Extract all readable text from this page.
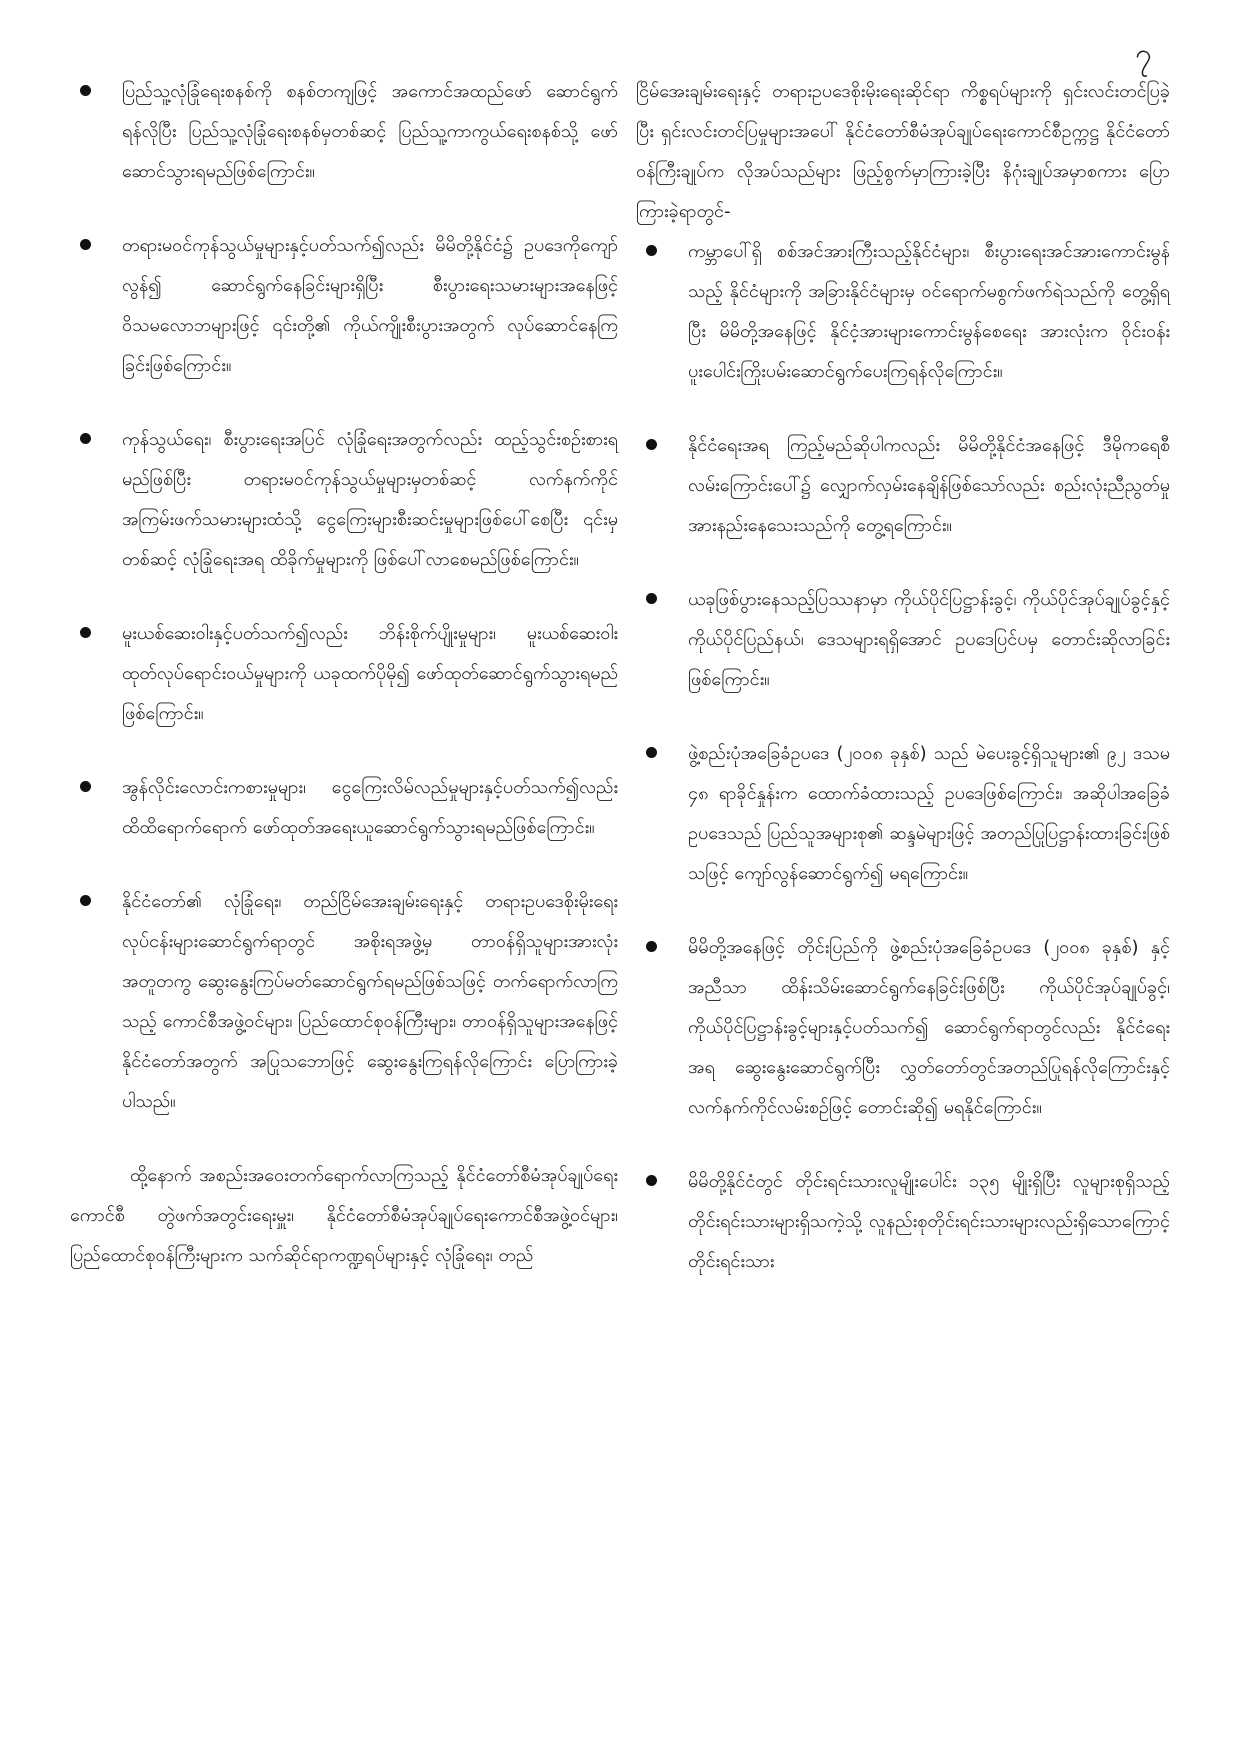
၇

ပြည်သူ့လုံခြုံရေးစနစ်ကို စနစ်တကျဖြင့် အကောင်အထည်ဖော် ဆောင်ရွက်ရန်လိုပြီး ပြည်သူ့လုံခြုံရေးစနစ်မှတစ်ဆင့် ပြည်သူ့ကာကွယ်ရေးစနစ်သို့ ဖော်ဆောင်သွားရမည်ဖြစ်ကြောင်း။

တရားမဝင်ကုန်သွယ်မှုများနှင့်ပတ်သက်၍လည်း မိမိတို့နိုင်ငံ၌ ဥပဒေကိုကျော်လွန်၍ ဆောင်ရွက်နေခြင်းများရှိပြီး စီးပွားရေးသမားများအနေဖြင့် ဝိသမလောဘများဖြင့် ၎င်းတို့၏ ကိုယ်ကျိုးစီးပွားအတွက် လုပ်ဆောင်နေကြခြင်းဖြစ်ကြောင်း။

ကုန်သွယ်ရေး၊ စီးပွားရေးအပြင် လုံခြုံရေးအတွက်လည်း ထည့်သွင်းစဉ်းစားရမည်ဖြစ်ပြီး တရားမဝင်ကုန်သွယ်မှုများမှတစ်ဆင့် လက်နက်ကိုင်အကြမ်းဖက်သမားများထံသို့ ငွေကြေးများစီးဆင်းမှုများဖြစ်ပေါ်စေပြီး ၎င်းမှတစ်ဆင့် လုံခြုံရေးအရ ထိခိုက်မှုများကို ဖြစ်ပေါ်လာစေမည်ဖြစ်ကြောင်း။

မူးယစ်ဆေးဝါးနှင့်ပတ်သက်၍လည်း ဘိန်းစိုက်ပျိုးမှုများ၊ မူးယစ်ဆေးဝါးထုတ်လုပ်ရောင်းဝယ်မှုများကို ယခုထက်ပိုမို၍ ဖော်ထုတ်ဆောင်ရွက်သွားရမည်ဖြစ်ကြောင်း။

အွန်လိုင်းလောင်းကစားမှုများ၊ ငွေကြေးလိမ်လည်မှုများနှင့်ပတ်သက်၍လည်း ထိထိရောက်ရောက် ဖော်ထုတ်အရေးယူဆောင်ရွက်သွားရမည်ဖြစ်ကြောင်း။

နိုင်ငံတော်၏ လုံခြုံရေး၊ တည်ငြိမ်အေးချမ်းရေးနှင့် တရားဥပဒေစိုးမိုးရေး လုပ်ငန်းများဆောင်ရွက်ရာတွင် အစိုးရအဖွဲ့မှ တာဝန်ရှိသူများအားလုံး အတူတကွ ဆွေးနွေးကြပ်မတ်ဆောင်ရွက်ရမည်ဖြစ်သဖြင့် တက်ရောက်လာကြသည့် ကောင်စီအဖွဲ့ဝင်များ၊ ပြည်ထောင်စုဝန်ကြီးများ၊ တာဝန်ရှိသူများအနေဖြင့် နိုင်ငံတော်အတွက် အပြုသဘောဖြင့် ဆွေးနွေးကြရန်လိုကြောင်း ပြောကြားခဲ့ပါသည်။

ထို့နောက် အစည်းအဝေးတက်ရောက်လာကြသည့် နိုင်ငံတော်စီမံအုပ်ချုပ်ရေးကောင်စီ တွဲဖက်အတွင်းရေးမှူး၊ နိုင်ငံတော်စီမံအုပ်ချုပ်ရေးကောင်စီအဖွဲ့ဝင်များ၊ ပြည်ထောင်စုဝန်ကြီးများက သက်ဆိုင်ရာကဏ္ဍရပ်များနှင့် လုံခြုံရေး၊ တည်

ငြိမ်အေးချမ်းရေးနှင့် တရားဥပဒေစိုးမိုးရေးဆိုင်ရာ ကိစ္စရပ်များကို ရှင်းလင်းတင်ပြခဲ့ပြီး ရှင်းလင်းတင်ပြမှုများအပေါ် နိုင်ငံတော်စီမံအုပ်ချုပ်ရေးကောင်စီဥက္ကဋ္ဌ နိုင်ငံတော်ဝန်ကြီးချုပ်က လိုအပ်သည်များ ဖြည့်စွက်မှာကြားခဲ့ပြီး နိဂုံးချုပ်အမှာစကား ပြောကြားခဲ့ရာတွင်-

ကမ္ဘာပေါ်ရှိ စစ်အင်အားကြီးသည့်နိုင်ငံများ၊ စီးပွားရေးအင်အားကောင်းမွန်သည့် နိုင်ငံများကို အခြားနိုင်ငံများမှ ဝင်ရောက်မစွက်ဖက်ရဲသည်ကို တွေ့ရှိရပြီး မိမိတို့အနေဖြင့် နိုင်ငံ့အားများကောင်းမွန်စေရေး အားလုံးက ဝိုင်းဝန်းပူးပေါင်းကြိုးပမ်းဆောင်ရွက်ပေးကြရန်လိုကြောင်း။

နိုင်ငံရေးအရ ကြည့်မည်ဆိုပါကလည်း မိမိတို့နိုင်ငံအနေဖြင့် ဒီမိုကရေစီလမ်းကြောင်းပေါ်၌ လျှောက်လှမ်းနေချိန်ဖြစ်သော်လည်း စည်းလုံးညီညွတ်မှု အားနည်းနေသေးသည်ကို တွေ့ရကြောင်း။

ယခုဖြစ်ပွားနေသည့်ပြဿနာမှာ ကိုယ်ပိုင်ပြဋ္ဌာန်းခွင့်၊ ကိုယ်ပိုင်အုပ်ချုပ်ခွင့်နှင့် ကိုယ်ပိုင်ပြည်နယ်၊ ဒေသများရရှိအောင် ဥပဒေပြင်ပမှ တောင်းဆိုလာခြင်းဖြစ်ကြောင်း။

ဖွဲ့စည်းပုံအခြေခံဥပဒေ (၂၀၀၈ ခုနှစ်) သည် မဲပေးခွင့်ရှိသူများ၏ ၉၂ ဒသမ ၄၈ ရာခိုင်နှုန်းက ထောက်ခံထားသည့် ဥပဒေဖြစ်ကြောင်း၊ အဆိုပါအခြေခံဥပဒေသည် ပြည်သူအများစု၏ ဆန္ဒမဲများဖြင့် အတည်ပြုပြဋ္ဌာန်းထားခြင်းဖြစ်သဖြင့် ကျော်လွန်ဆောင်ရွက်၍ မရကြောင်း။

မိမိတို့အနေဖြင့် တိုင်းပြည်ကို ဖွဲ့စည်းပုံအခြေခံဥပဒေ (၂၀၀၈ ခုနှစ်) နှင့်အညီသာ ထိန်းသိမ်းဆောင်ရွက်နေခြင်းဖြစ်ပြီး ကိုယ်ပိုင်အုပ်ချုပ်ခွင့်၊ ကိုယ်ပိုင်ပြဋ္ဌာန်းခွင့်များနှင့်ပတ်သက်၍ ဆောင်ရွက်ရာတွင်လည်း နိုင်ငံရေးအရ ဆွေးနွေးဆောင်ရွက်ပြီး လွှတ်တော်တွင်အတည်ပြုရန်လိုကြောင်းနှင့် လက်နက်ကိုင်လမ်းစဉ်ဖြင့် တောင်းဆို၍ မရနိုင်ကြောင်း။

မိမိတို့နိုင်ငံတွင် တိုင်းရင်းသားလူမျိုးပေါင်း ၁၃၅ မျိုးရှိပြီး လူများစုရှိသည့် တိုင်းရင်းသားများရှိသကဲ့သို့ လူနည်းစုတိုင်းရင်းသားများလည်းရှိသောကြောင့် တိုင်းရင်းသား
